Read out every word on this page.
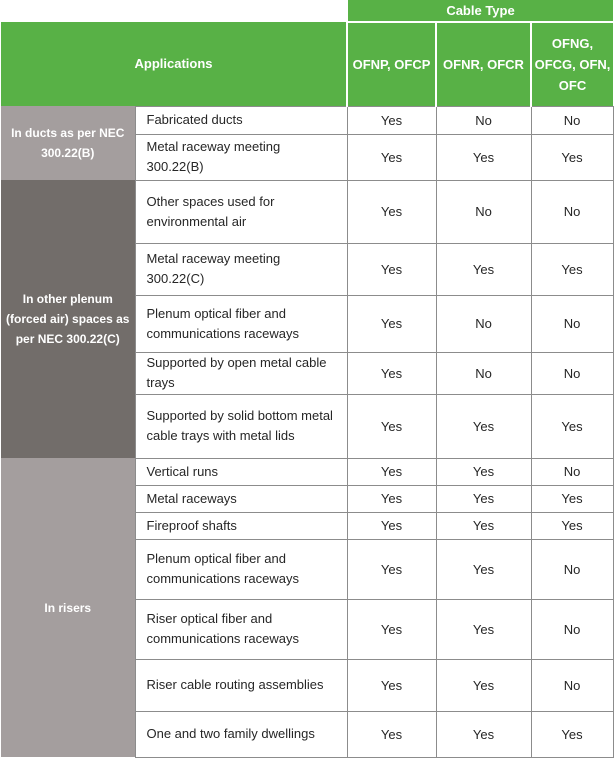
		Cable Type		
Applications		OFNP, OFCP	OFNR, OFCR	OFNG, OFCG, OFN, OFC
In ducts as per NEC 300.22(B)	Fabricated ducts	Yes	No	No
	Metal raceway meeting 300.22(B)	Yes	Yes	Yes
In other plenum (forced air) spaces as per NEC 300.22(C)	Other spaces used for environmental air	Yes	No	No
	Metal raceway meeting 300.22(C)	Yes	Yes	Yes
	Plenum optical fiber and communications raceways	Yes	No	No
	Supported by open metal cable trays	Yes	No	No
	Supported by solid bottom metal cable trays with metal lids	Yes	Yes	Yes
In risers	Vertical runs	Yes	Yes	No
	Metal raceways	Yes	Yes	Yes
	Fireproof shafts	Yes	Yes	Yes
	Plenum optical fiber and communications raceways	Yes	Yes	No
	Riser optical fiber and communications raceways	Yes	Yes	No
	Riser cable routing assemblies	Yes	Yes	No
	One and two family dwellings	Yes	Yes	Yes
